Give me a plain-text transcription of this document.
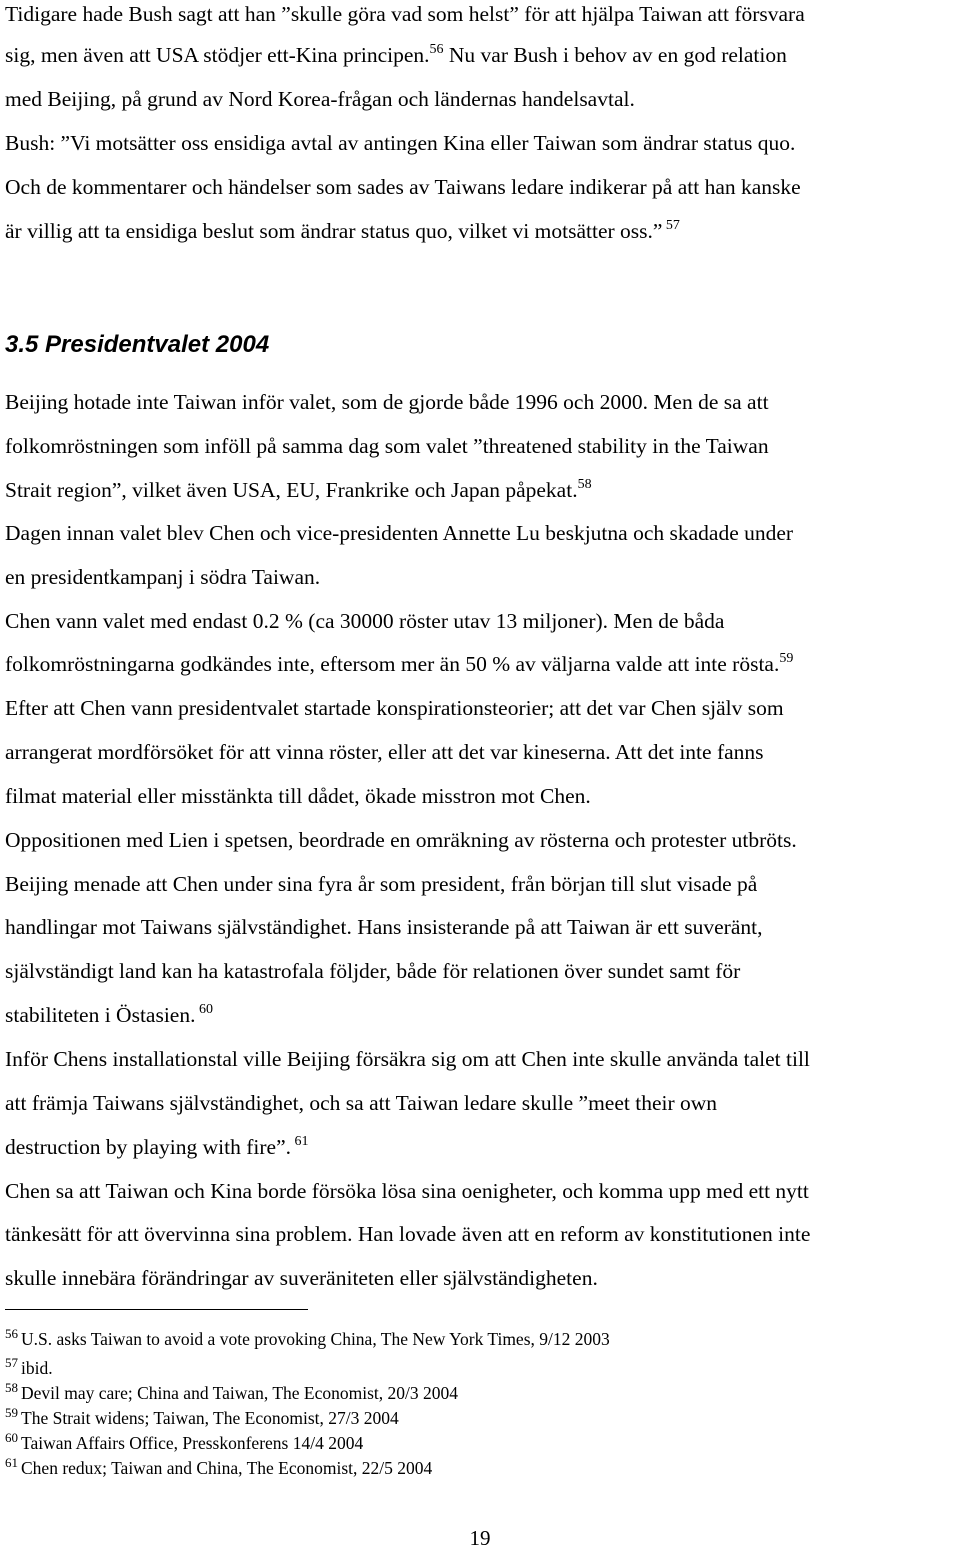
Tidigare hade Bush sagt att han ”skulle göra vad som helst” för att hjälpa Taiwan att försvara
sig, men även att USA stödjer ett-Kina principen.$^{56}$ Nu var Bush i behov av en god relation
med Beijing, på grund av Nord Korea-frågan och ländernas handelsavtal.
Bush: ”Vi motsätter oss ensidiga avtal av antingen Kina eller Taiwan som ändrar status quo.
Och de kommentarer och händelser som sades av Taiwans ledare indikerar på att han kanske
är villig att ta ensidiga beslut som ändrar status quo, vilket vi motsätter oss.” $^{57}$
3.5 Presidentvalet 2004
Beijing hotade inte Taiwan inför valet, som de gjorde både 1996 och 2000. Men de sa att
folkomröstningen som inföll på samma dag som valet ”threatened stability in the Taiwan
Strait region”, vilket även USA, EU, Frankrike och Japan påpekat.$^{58}$
Dagen innan valet blev Chen och vice-presidenten Annette Lu beskjutna och skadade under
en presidentkampanj i södra Taiwan.
Chen vann valet med endast 0.2 % (ca 30000 röster utav 13 miljoner). Men de båda
folkomröstningarna godkändes inte, eftersom mer än 50 % av väljarna valde att inte rösta.$^{59}$
Efter att Chen vann presidentvalet startade konspirationsteorier; att det var Chen själv som
arrangerat mordförsöket för att vinna röster, eller att det var kineserna. Att det inte fanns
filmat material eller misstänkta till dådet, ökade misstron mot Chen.
Oppositionen med Lien i spetsen, beordrade en omräkning av rösterna och protester utbröts.
Beijing menade att Chen under sina fyra år som president, från början till slut visade på
handlingar mot Taiwans självständighet. Hans insisterande på att Taiwan är ett suveränt,
självständigt land kan ha katastrofala följder, både för relationen över sundet samt för
stabiliteten i Östasien. $^{60}$
Inför Chens installationstal ville Beijing försäkra sig om att Chen inte skulle använda talet till
att främja Taiwans självständighet, och sa att Taiwan ledare skulle ”meet their own
destruction by playing with fire”. $^{61}$
Chen sa att Taiwan och Kina borde försöka lösa sina oenigheter, och komma upp med ett nytt
tänkesätt för att övervinna sina problem. Han lovade även att en reform av konstitutionen inte
skulle innebära förändringar av suveräniteten eller självständigheten.
$^{56}$ U.S. asks Taiwan to avoid a vote provoking China, The New York Times, 9/12 2003
$^{57}$ ibid.
$^{58}$ Devil may care; China and Taiwan, The Economist, 20/3 2004
$^{59}$ The Strait widens; Taiwan, The Economist, 27/3 2004
$^{60}$ Taiwan Affairs Office, Presskonferens 14/4 2004
$^{61}$ Chen redux; Taiwan and China, The Economist, 22/5 2004
19
